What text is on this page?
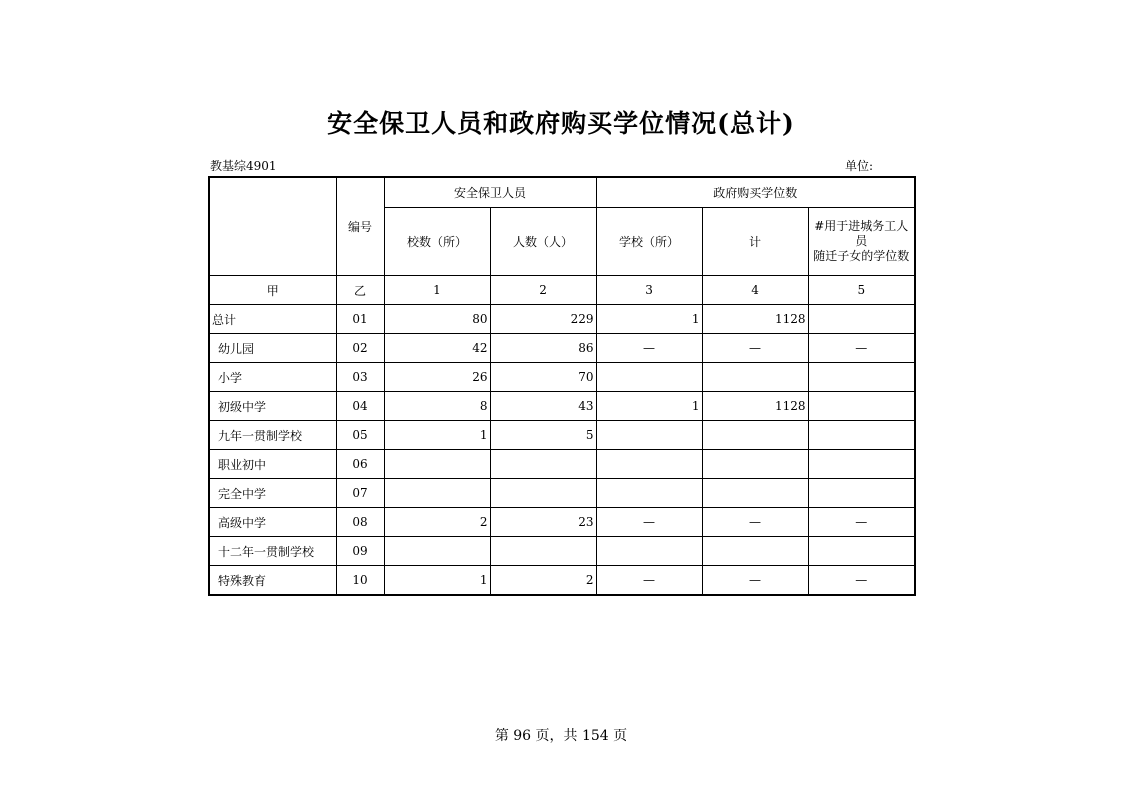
安全保卫人员和政府购买学位情况(总计)
教基综4901	单位:
	编号	安全保卫人员		政府购买学位数		
		校数（所）	人数（人）	学校（所）	计	#用于进城务工人员
随迁子女的学位数
甲	乙	1	2	3	4	5
总计	01	80	229	1	1128	
幼儿园	02	42	86	—	—	—
小学	03	26	70			
初级中学	04	8	43	1	1128	
九年一贯制学校	05	1	5			
职业初中	06					
完全中学	07					
高级中学	08	2	23	—	—	—
十二年一贯制学校	09					
特殊教育	10	1	2	—	—	—
第 96 页，共 154 页
